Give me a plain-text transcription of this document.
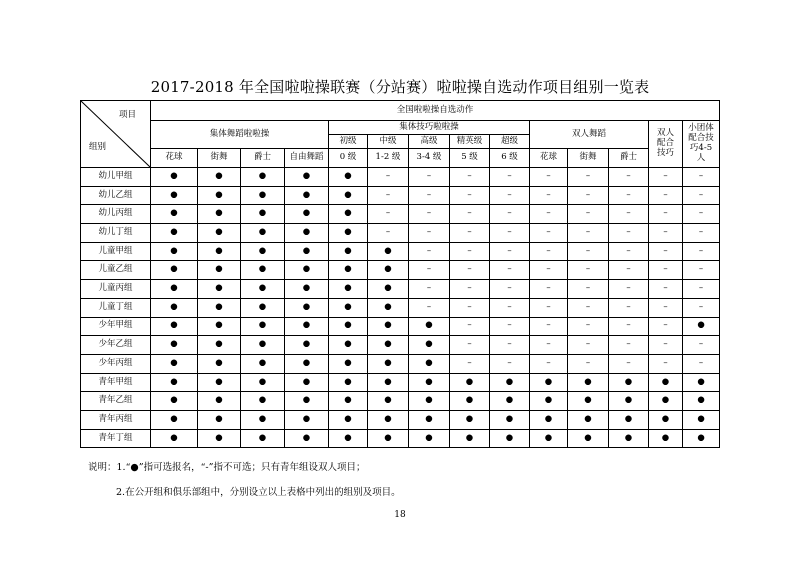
2017-2018 年全国啦啦操联赛（分站赛）啦啦操自选动作项目组别一览表
项目
组别	全国啦啦操自选动作													
	集体舞蹈啦啦操				集体技巧啦啦操					双人舞蹈			双人配合技巧	小团体配合技巧4-5人
					初级	中级	高级	精英级	超级					
	花球	街舞	爵士	自由舞蹈	0 级	1-2 级	3-4 级	5 级	6 级	花球	街舞	爵士		
幼儿甲组	●	●	●	●	●	–	–	–	–	–	–	–	–	–
幼儿乙组	●	●	●	●	●	–	–	–	–	–	–	–	–	–
幼儿丙组	●	●	●	●	●	–	–	–	–	–	–	–	–	–
幼儿丁组	●	●	●	●	●	–	–	–	–	–	–	–	–	–
儿童甲组	●	●	●	●	●	●	–	–	–	–	–	–	–	–
儿童乙组	●	●	●	●	●	●	–	–	–	–	–	–	–	–
儿童丙组	●	●	●	●	●	●	–	–	–	–	–	–	–	–
儿童丁组	●	●	●	●	●	●	–	–	–	–	–	–	–	–
少年甲组	●	●	●	●	●	●	●	–	–	–	–	–	–	●
少年乙组	●	●	●	●	●	●	●	–	–	–	–	–	–	–
少年丙组	●	●	●	●	●	●	●	–	–	–	–	–	–	–
青年甲组	●	●	●	●	●	●	●	●	●	●	●	●	●	●
青年乙组	●	●	●	●	●	●	●	●	●	●	●	●	●	●
青年丙组	●	●	●	●	●	●	●	●	●	●	●	●	●	●
青年丁组	●	●	●	●	●	●	●	●	●	●	●	●	●	●
说明：1.“●”指可选报名，“-”指不可选；只有青年组设双人项目；
2.在公开组和俱乐部组中，分别设立以上表格中列出的组别及项目。
18
